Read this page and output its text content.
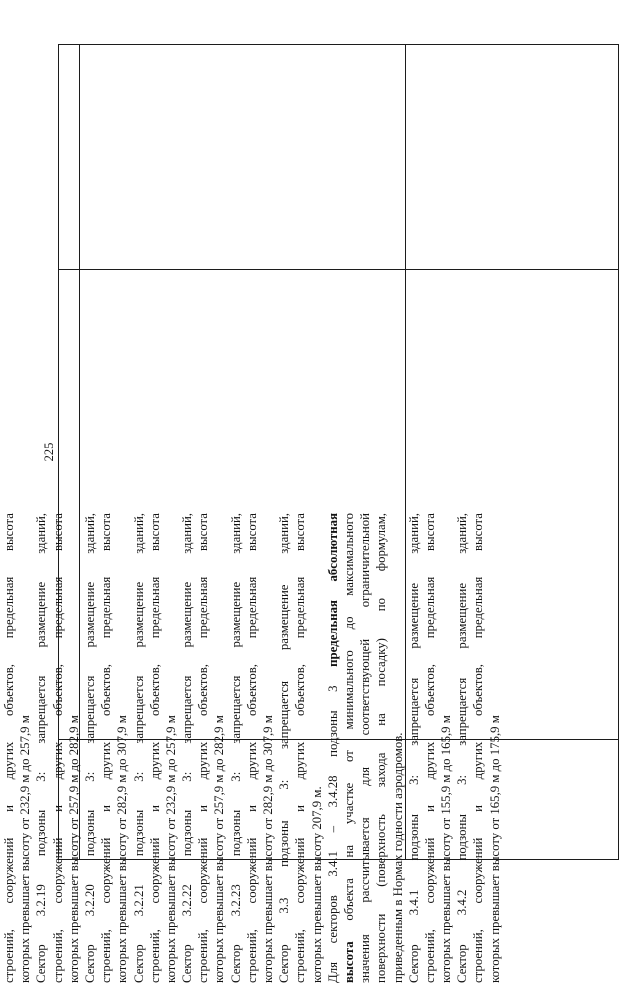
225
строений, сооружений и других объектов, предельная высота которых превышает высоту от 232,9 м до 257,9 м Сектор 3.2.19 подзоны 3: запрещается размещение зданий, строений, сооружений и других объектов, предельная высота которых превышает высоту от 257,9 м до 282,9 м Сектор 3.2.20 подзоны 3: запрещается размещение зданий, строений, сооружений и других объектов, предельная высота которых превышает высоту от 282,9 м до 307,9 м Сектор 3.2.21 подзоны 3: запрещается размещение зданий, строений, сооружений и других объектов, предельная высота которых превышает высоту от 232,9 м до 257,9 м Сектор 3.2.22 подзоны 3: запрещается размещение зданий, строений, сооружений и других объектов, предельная высота которых превышает высоту от 257,9 м до 282,9 м Сектор 3.2.23 подзоны 3: запрещается размещение зданий, строений, сооружений и других объектов, предельная высота которых превышает высоту от 282,9 м до 307,9 м Сектор 3.3 подзоны 3: запрещается размещение зданий, строений, сооружений и других объектов, предельная высота которых превышает высоту 207,9 м. Для секторов 3.4.1 – 3.4.28 подзоны 3 предельная абсолютная
высота объекта на участке от минимального до максимального значения рассчитывается для соответствующей ограничительной поверхности (поверхность захода на посадку) по формулам, приведенным в Нормах годности аэродромов. Сектор 3.4.1 подзоны 3: запрещается размещение зданий, строений, сооружений и других объектов, предельная высота которых превышает высоту от 155,9 м до 165,9 м Сектор 3.4.2 подзоны 3: запрещается размещение зданий, строений, сооружений и других объектов, предельная высота которых превышает высоту от 165,9 м до 175,9 м
